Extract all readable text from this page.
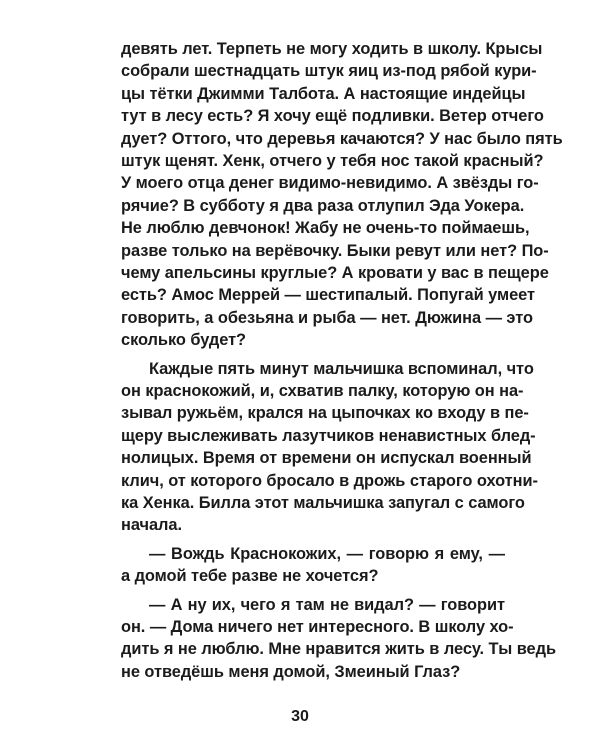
девять лет. Терпеть не могу ходить в школу. Крысы
собрали шестнадцать штук яиц из-под рябой кури-
цы тётки Джимми Талбота. А настоящие индейцы
тут в лесу есть? Я хочу ещё подливки. Ветер отчего
дует? Оттого, что деревья качаются? У нас было пять
штук щенят. Хенк, отчего у тебя нос такой красный?
У моего отца денег видимо-невидимо. А звёзды го-
рячие? В субботу я два раза отлупил Эда Уокера.
Не люблю девчонок! Жабу не очень-то поймаешь,
разве только на верёвочку. Быки ревут или нет? По-
чему апельсины круглые? А кровати у вас в пещере
есть? Амос Меррей — шестипалый. Попугай умеет
говорить, а обезьяна и рыба — нет. Дюжина — это
сколько будет?
Каждые пять минут мальчишка вспоминал, что
он краснокожий, и, схватив палку, которую он на-
зывал ружьём, крался на цыпочках ко входу в пе-
щеру выслеживать лазутчиков ненавистных блед-
нолицых. Время от времени он испускал военный
клич, от которого бросало в дрожь старого охотни-
ка Хенка. Билла этот мальчишка запугал с самого
начала.
— Вождь Краснокожих, — говорю я ему, —
а домой тебе разве не хочется?
— А ну их, чего я там не видал? — говорит
он. — Дома ничего нет интересного. В школу хо-
дить я не люблю. Мне нравится жить в лесу. Ты ведь
не отведёшь меня домой, Змеиный Глаз?
30
